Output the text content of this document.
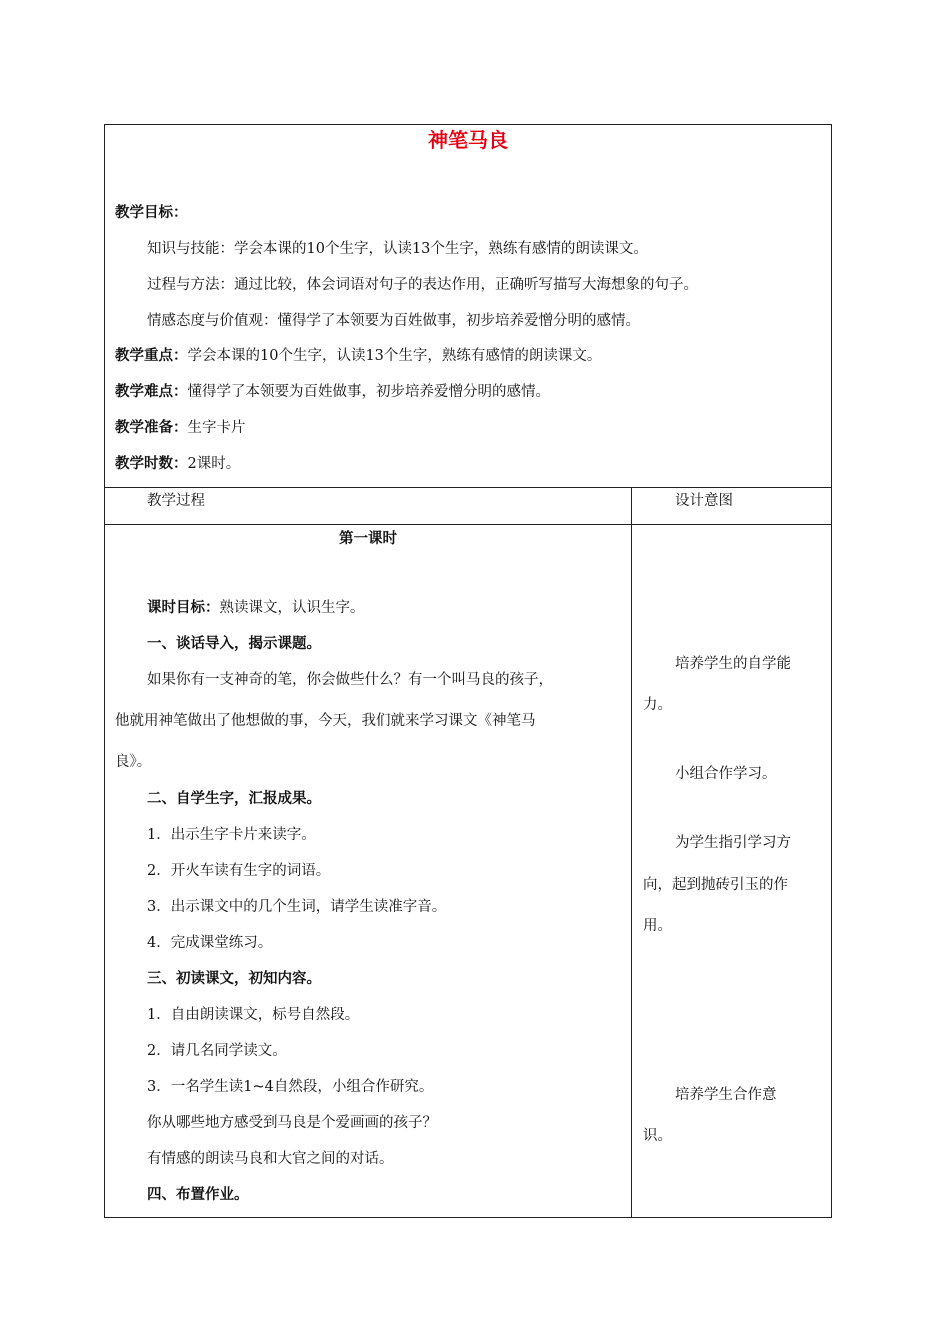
神笔马良
教学目标：
知识与技能：学会本课的10个生字，认读13个生字，熟练有感情的朗读课文。
过程与方法：通过比较，体会词语对句子的表达作用，正确听写描写大海想象的句子。
情感态度与价值观：懂得学了本领要为百姓做事，初步培养爱憎分明的感情。
教学重点：学会本课的10个生字，认读13个生字，熟练有感情的朗读课文。
教学难点：懂得学了本领要为百姓做事，初步培养爱憎分明的感情。
教学准备：生字卡片
教学时数：2课时。
教学过程	设计意图
第一课时
课时目标：熟读课文，认识生字。
一、谈话导入，揭示课题。
如果你有一支神奇的笔，你会做些什么？有一个叫马良的孩子，
他就用神笔做出了他想做的事，今天，我们就来学习课文《神笔马
良》。
二、自学生字，汇报成果。
1．出示生字卡片来读字。
2．开火车读有生字的词语。
3．出示课文中的几个生词，请学生读准字音。
4．完成课堂练习。
三、初读课文，初知内容。
1．自由朗读课文，标号自然段。
2．请几名同学读文。
3．一名学生读1~4自然段，小组合作研究。
你从哪些地方感受到马良是个爱画画的孩子？
有情感的朗读马良和大官之间的对话。
四、布置作业。
培养学生的自学能
力。
小组合作学习。
为学生指引学习方
向，起到抛砖引玉的作
用。
培养学生合作意
识。
